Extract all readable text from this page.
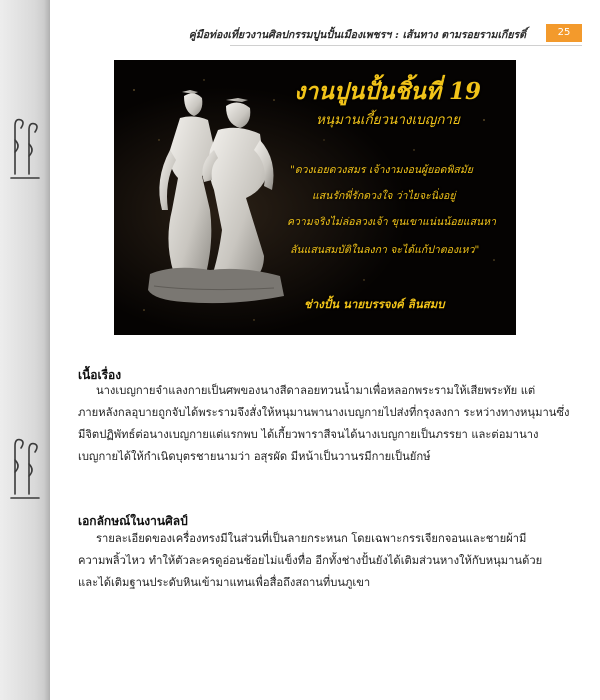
คู่มือท่องเที่ยวงานศิลปกรรมปูนปั้นเมืองเพชรฯ : เส้นทาง ตามรอยรามเกียรติ์	25
งานปูนปั้นชิ้นที่ 19
หนุมานเกี้ยวนางเบญกาย
"ดวงเอยดวงสมร เจ้างามงอนผู้ยอดพิสมัย
แสนรักพี่รักดวงใจ ว่าไยจะนิ่งอยู่
ความจริงไม่ล่อลวงเจ้า ขุนเขาแน่นน้อยแสนหา
ลันแสนสมบัติในลงกา จะได้แก้ปาตองเหว"
ช่างปั้น นายบรรจงค์ ลินสมบ
เนื้อเรื่อง

นางเบญกายจำแลงกายเป็นศพของนางสีดาลอยทวนน้ำมาเพื่อหลอกพระรามให้เสียพระทัย แต่
ภายหลังกลอุบายถูกจับได้พระรามจึงสั่งให้หนุมานพานางเบญกายไปส่งที่กรุงลงกา ระหว่างทางหนุมานซึ่ง
มีจิตปฏิพัทธ์ต่อนางเบญกายแต่แรกพบ ได้เกี้ยวพาราสีจนได้นางเบญกายเป็นภรรยา และต่อมานาง
เบญกายได้ให้กำเนิดบุตรชายนามว่า อสุรผัด มีหน้าเป็นวานรมีกายเป็นยักษ์

เอกลักษณ์ในงานศิลป์

รายละเอียดของเครื่องทรงมีในส่วนที่เป็นลายกระหนก โดยเฉพาะกรรเจียกจอนและชายผ้ามี
ความพลิ้วไหว ทำให้ตัวละครดูอ่อนช้อยไม่แข็งทื่อ อีกทั้งช่างปั้นยังได้เติมส่วนหางให้กับหนุมานด้วย
และได้เติมฐานประดับหินเข้ามาแทนเพื่อสื่อถึงสถานที่บนภูเขา
